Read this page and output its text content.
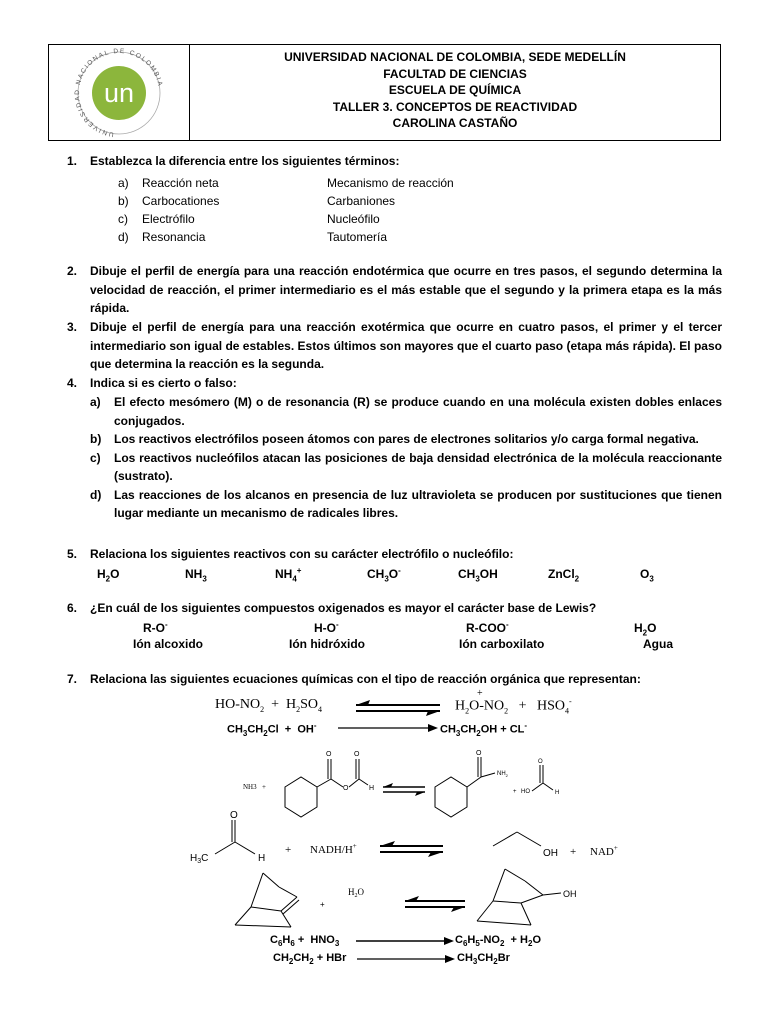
UNIVERSIDAD NACIONAL DE COLOMBIA
un
UNIVERSIDAD NACIONAL DE COLOMBIA, SEDE MEDELLÍN
FACULTAD DE CIENCIAS
ESCUELA DE QUÍMICA
TALLER 3. CONCEPTOS DE REACTIVIDAD
CAROLINA CASTAÑO
1. Establezca la diferencia entre los siguientes términos:
a) Reacción neta	Mecanismo de reacción
b) Carbocationes	Carbaniones
c) Electrófilo	Nucleófilo
d) Resonancia	Tautomería
2. Dibuje el perfil de energía para una reacción endotérmica que ocurre en tres pasos, el segundo determina la velocidad de reacción, el primer intermediario es el más estable que el segundo y la primera etapa es la más rápida.
3. Dibuje el perfil de energía para una reacción exotérmica que ocurre en cuatro pasos, el primer y el tercer intermediario son igual de estables. Estos últimos son mayores que el cuarto paso (etapa más rápida). El paso que determina la reacción es la segunda.
4. Indica si es cierto o falso:
a) El efecto mesómero (M) o de resonancia (R) se produce cuando en una molécula existen dobles enlaces conjugados.
b) Los reactivos electrófilos poseen átomos con pares de electrones solitarios y/o carga formal negativa.
c) Los reactivos nucleófilos atacan las posiciones de baja densidad electrónica de la molécula reaccionante (sustrato).
d) Las reacciones de los alcanos en presencia de luz ultravioleta se producen por sustituciones que tienen lugar mediante un mecanismo de radicales libres.
5. Relaciona los siguientes reactivos con su carácter electrófilo o nucleófilo:
$H_2O$	$NH_3$	$NH_4^+$	$CH_3O^-$	$CH_3OH$	ZnCl$_2$	$O_3$
6. ¿En cuál de los siguientes compuestos oxigenados es mayor el carácter base de Lewis?
R-O-	H-O-	R-COO-	$H_2O$
Ión alcoxido	Ión hidróxido	Ión carboxilato	Agua
7. Relaciona las siguientes ecuaciones químicas con el tipo de reacción orgánica que representan:
$HO-NO_2 + H_2SO_4$	$H_2O-NO_2 + HSO_4^-$
+
$CH_3CH_2Cl + OH^-$	$CH_3CH_2OH + CL^-$
NH3 +
O
O
O
H
O
$NH_2$
+ HO
O
H
$H_3C$
O
H
+ NADH/H+
OH + NAD+
+
$H_2O$	OH
$C_6H_6 + HNO_3$	$C_6H_5-NO_2 + H_2O$
$CH_2CH_2$ + HBr	$CH_3CH_2Br$
